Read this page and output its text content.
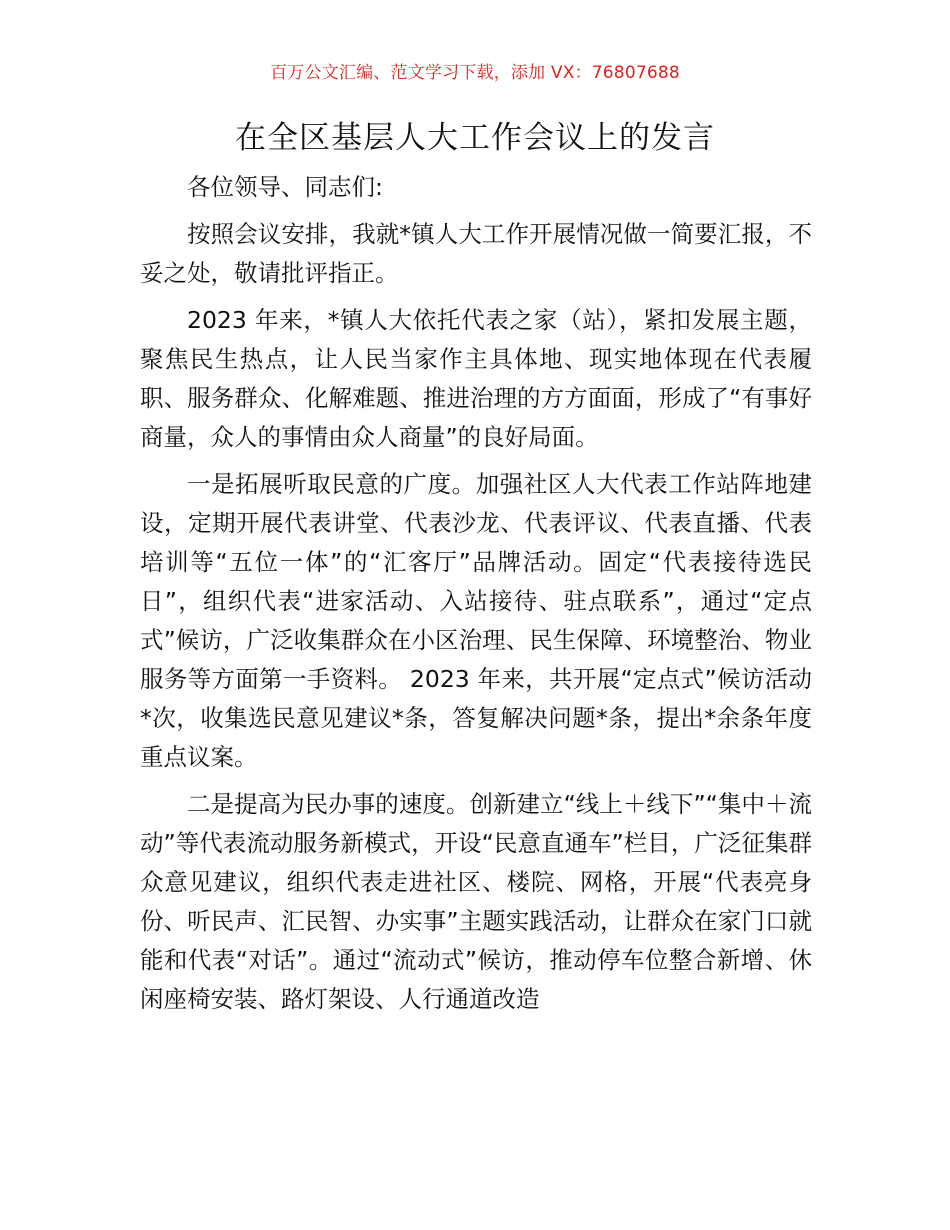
百万公文汇编、范文学习下载，添加 VX：76807688
在全区基层人大工作会议上的发言

各位领导、同志们:

按照会议安排，我就*镇人大工作开展情况做一简要汇报，不妥之处，敬请批评指正。

2023 年来，*镇人大依托代表之家（站），紧扣发展主题，聚焦民生热点，让人民当家作主具体地、现实地体现在代表履职、服务群众、化解难题、推进治理的方方面面，形成了“有事好商量，众人的事情由众人商量”的良好局面。

一是拓展听取民意的广度。加强社区人大代表工作站阵地建设，定期开展代表讲堂、代表沙龙、代表评议、代表直播、代表培训等“五位一体”的“汇客厅”品牌活动。固定“代表接待选民日”，组织代表“进家活动、入站接待、驻点联系”，通过“定点式”候访，广泛收集群众在小区治理、民生保障、环境整治、物业服务等方面第一手资料。 2023 年来，共开展“定点式”候访活动*次，收集选民意见建议*条，答复解决问题*条，提出*余条年度重点议案。

二是提高为民办事的速度。创新建立“线上＋线下”“集中＋流动”等代表流动服务新模式，开设“民意直通车”栏目，广泛征集群众意见建议，组织代表走进社区、楼院、网格，开展“代表亮身份、听民声、汇民智、办实事”主题实践活动，让群众在家门口就能和代表“对话”。通过“流动式”候访，推动停车位整合新增、休闲座椅安装、路灯架设、人行通道改造
